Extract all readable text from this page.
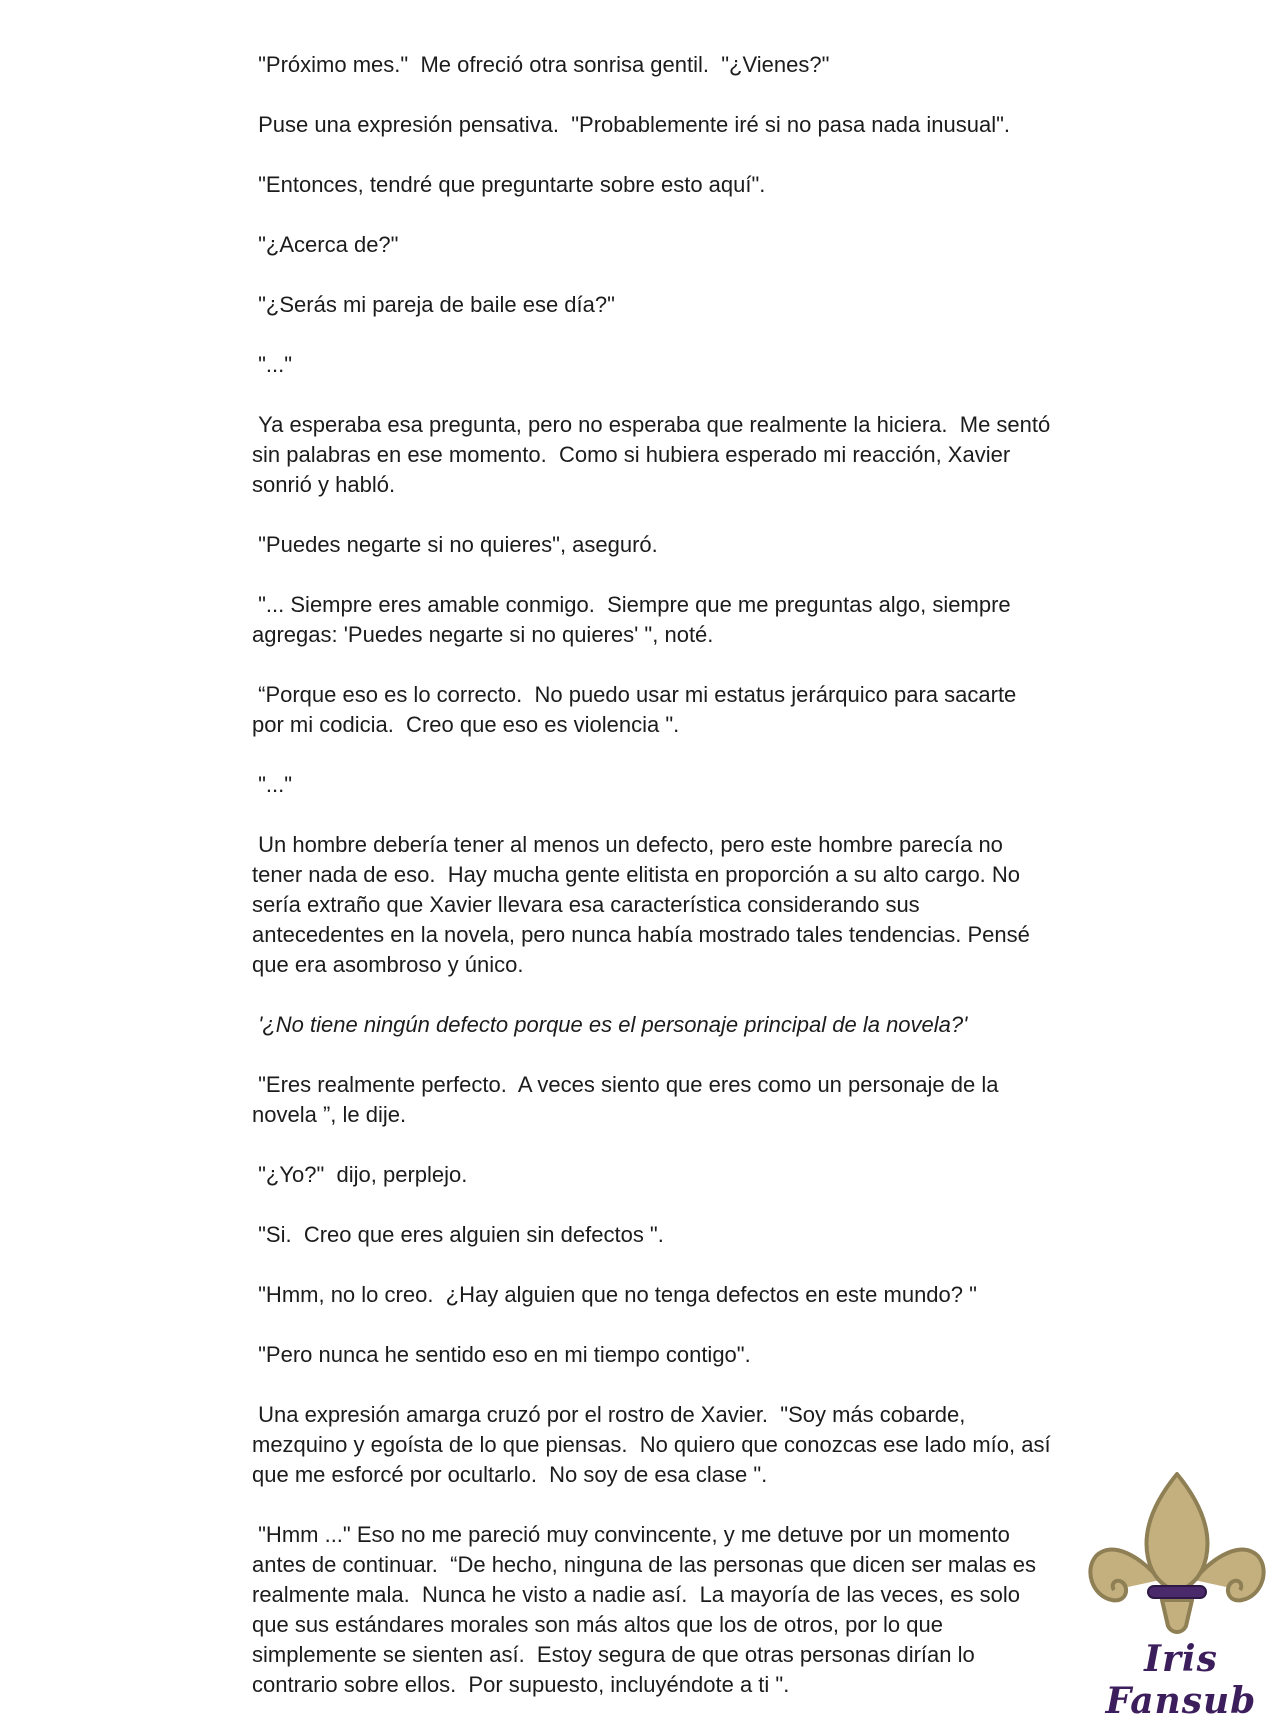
"Próximo mes."  Me ofreció otra sonrisa gentil.  "¿Vienes?"

Puse una expresión pensativa.  "Probablemente iré si no pasa nada inusual".

"Entonces, tendré que preguntarte sobre esto aquí".

"¿Acerca de?"

"¿Serás mi pareja de baile ese día?"

"..."

Ya esperaba esa pregunta, pero no esperaba que realmente la hiciera.  Me sentó sin palabras en ese momento.  Como si hubiera esperado mi reacción, Xavier sonrió y habló.

"Puedes negarte si no quieres", aseguró.

"... Siempre eres amable conmigo.  Siempre que me preguntas algo, siempre agregas: 'Puedes negarte si no quieres' ", noté.

“Porque eso es lo correcto.  No puedo usar mi estatus jerárquico para sacarte por mi codicia.  Creo que eso es violencia ".

"..."

Un hombre debería tener al menos un defecto, pero este hombre parecía no tener nada de eso.  Hay mucha gente elitista en proporción a su alto cargo. No sería extraño que Xavier llevara esa característica considerando sus antecedentes en la novela, pero nunca había mostrado tales tendencias. Pensé que era asombroso y único.

'¿No tiene ningún defecto porque es el personaje principal de la novela?'

"Eres realmente perfecto.  A veces siento que eres como un personaje de la novela ”, le dije.

"¿Yo?"  dijo, perplejo.

"Si.  Creo que eres alguien sin defectos ".

"Hmm, no lo creo.  ¿Hay alguien que no tenga defectos en este mundo? "

"Pero nunca he sentido eso en mi tiempo contigo".

Una expresión amarga cruzó por el rostro de Xavier.  "Soy más cobarde, mezquino y egoísta de lo que piensas.  No quiero que conozcas ese lado mío, así que me esforcé por ocultarlo.  No soy de esa clase ".

"Hmm ..." Eso no me pareció muy convincente, y me detuve por un momento antes de continuar.  “De hecho, ninguna de las personas que dicen ser malas es realmente mala.  Nunca he visto a nadie así.  La mayoría de las veces, es solo que sus estándares morales son más altos que los de otros, por lo que simplemente se sienten así.  Estoy segura de que otras personas dirían lo contrario sobre ellos.  Por supuesto, incluyéndote a ti ".

Iris Fansub
